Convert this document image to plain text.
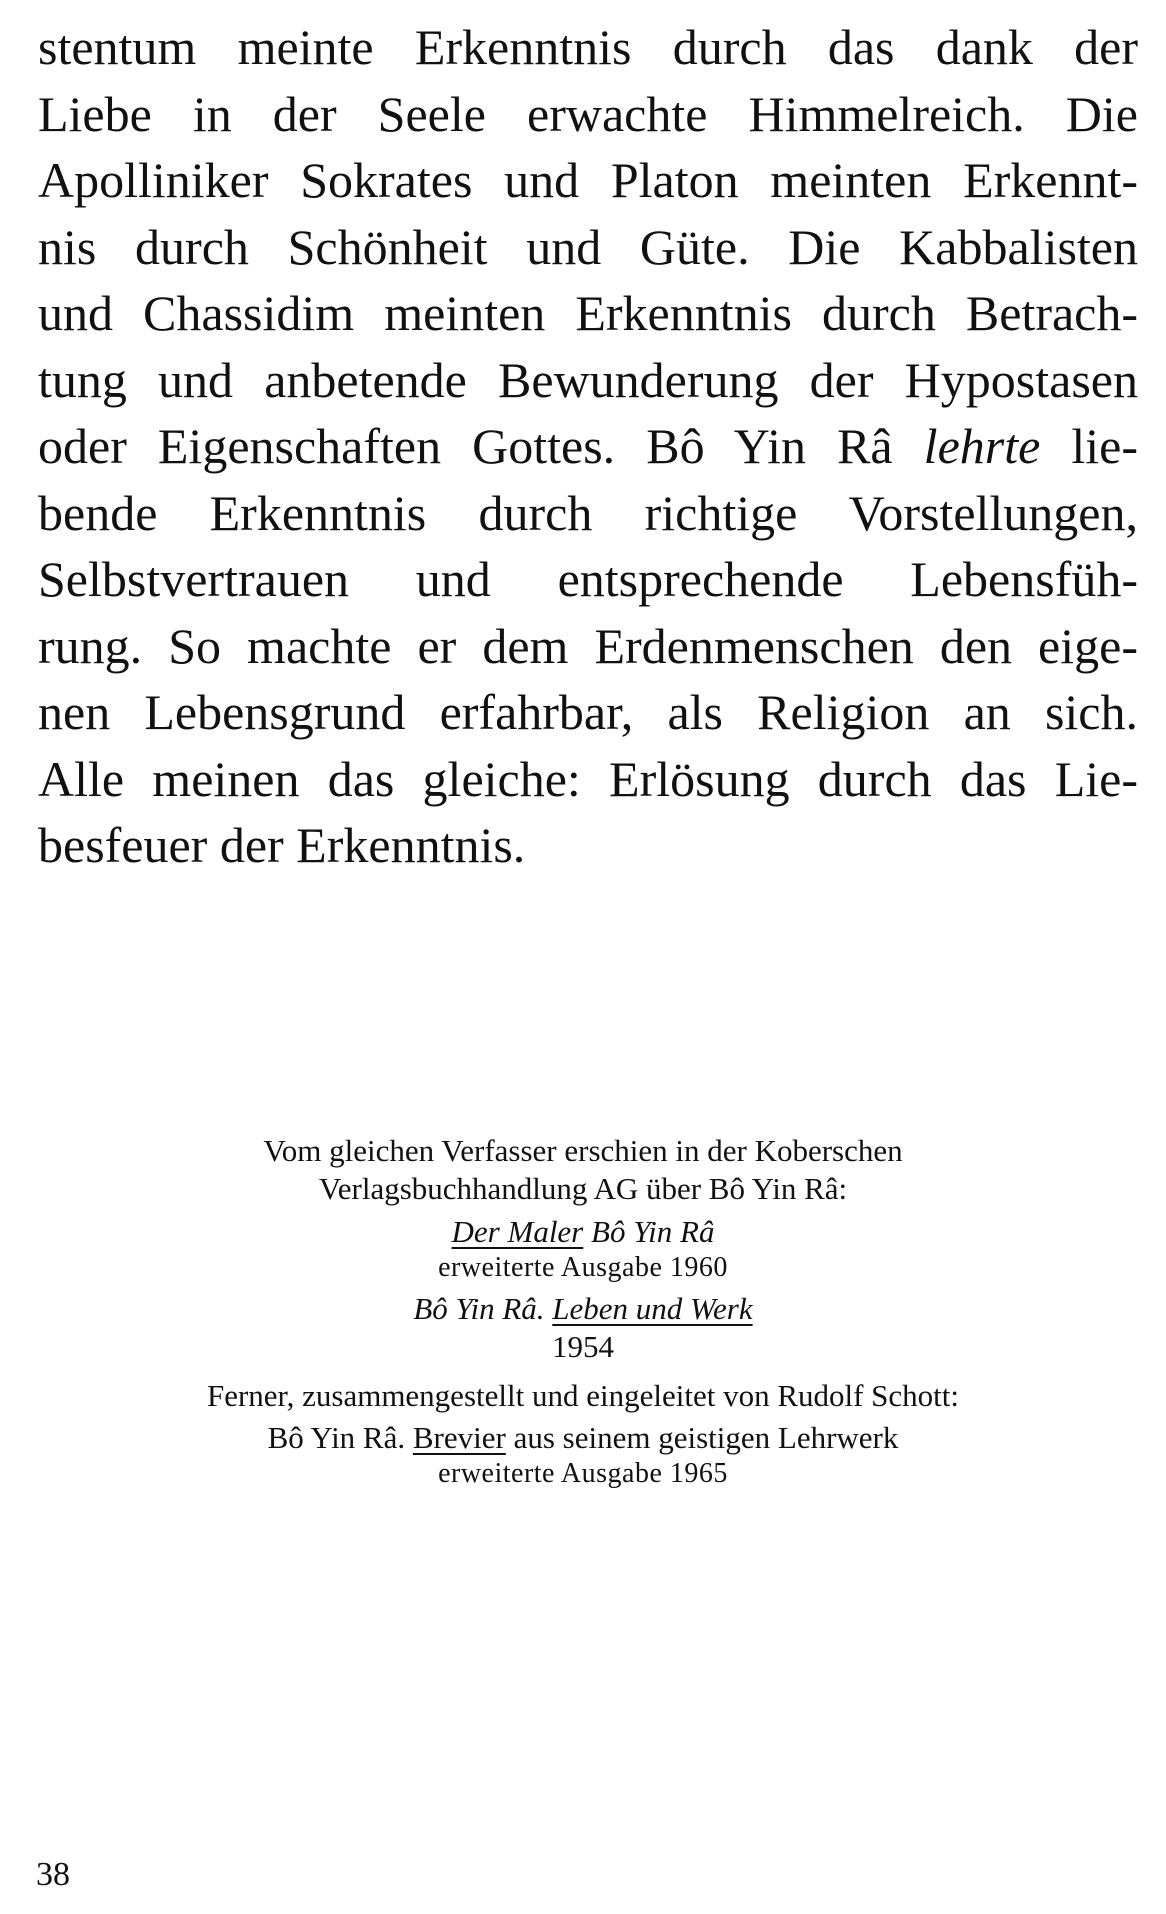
stentum meinte Erkenntnis durch das dank der
Liebe in der Seele erwachte Himmelreich. Die
Apolliniker Sokrates und Platon meinten Erkennt-
nis durch Schönheit und Güte. Die Kabbalisten
und Chassidim meinten Erkenntnis durch Betrach-
tung und anbetende Bewunderung der Hypostasen
oder Eigenschaften Gottes. Bô Yin Râ lehrte lie-
bende Erkenntnis durch richtige Vorstellungen,
Selbstvertrauen und entsprechende Lebensfüh-
rung. So machte er dem Erdenmenschen den eige-
nen Lebensgrund erfahrbar, als Religion an sich.
Alle meinen das gleiche: Erlösung durch das Lie-
besfeuer der Erkenntnis.
Vom gleichen Verfasser erschien in der Koberschen
Verlagsbuchhandlung AG über Bô Yin Râ:
Der Maler Bô Yin Râ
erweiterte Ausgabe 1960
Bô Yin Râ. Leben und Werk
1954
Ferner, zusammengestellt und eingeleitet von Rudolf Schott:
Bô Yin Râ. Brevier aus seinem geistigen Lehrwerk
erweiterte Ausgabe 1965
38
